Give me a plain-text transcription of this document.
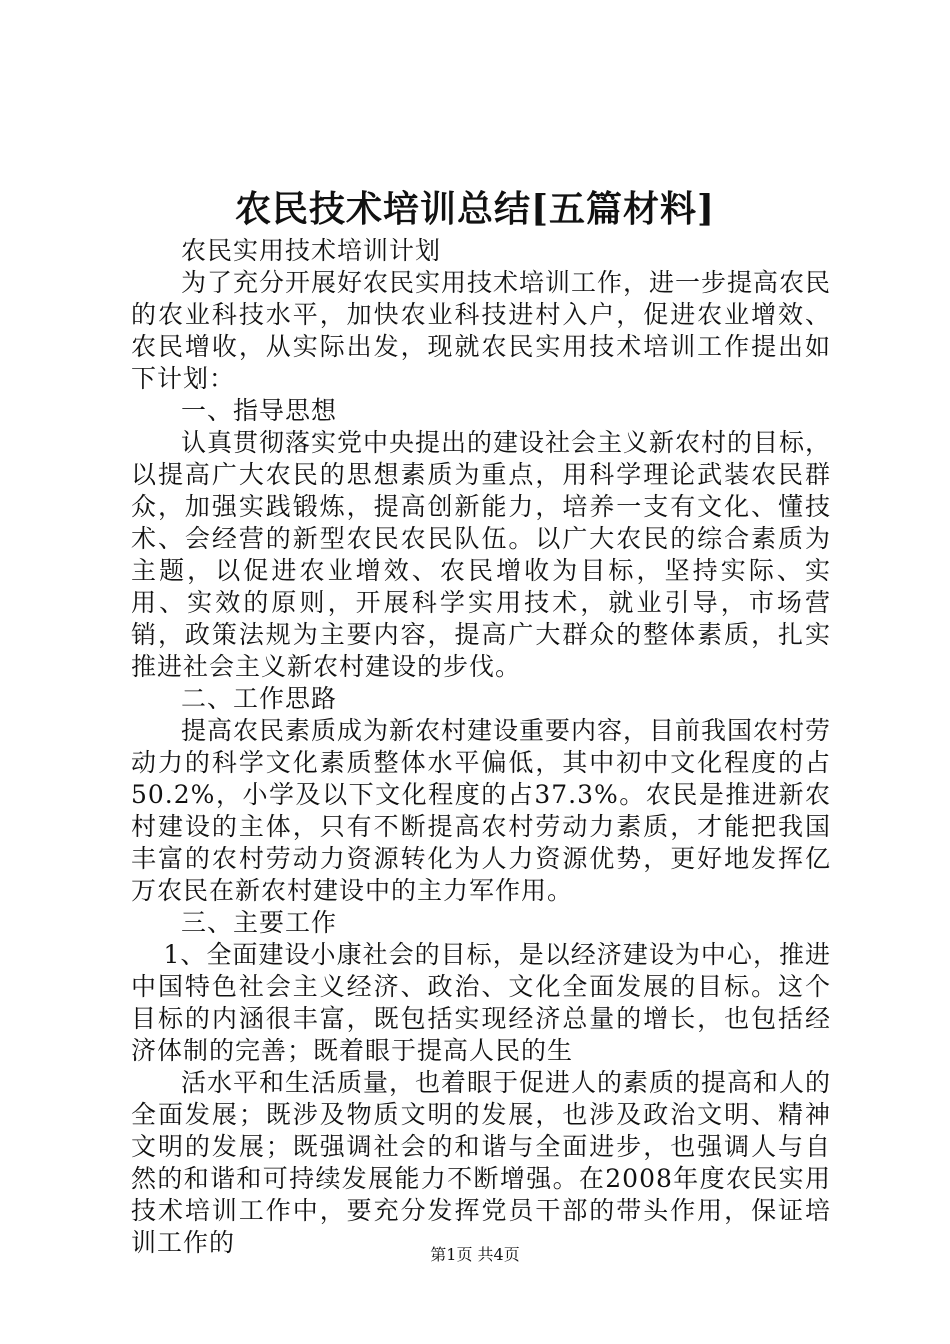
农民技术培训总结[五篇材料]

农民实用技术培训计划

为了充分开展好农民实用技术培训工作，进一步提高农民的农业科技水平，加快农业科技进村入户，促进农业增效、农民增收，从实际出发，现就农民实用技术培训工作提出如下计划：

一、指导思想

认真贯彻落实党中央提出的建设社会主义新农村的目标，以提高广大农民的思想素质为重点，用科学理论武装农民群众，加强实践锻炼，提高创新能力，培养一支有文化、懂技术、会经营的新型农民农民队伍。以广大农民的综合素质为主题，以促进农业增效、农民增收为目标，坚持实际、实用、实效的原则，开展科学实用技术，就业引导，市场营销，政策法规为主要内容，提高广大群众的整体素质，扎实推进社会主义新农村建设的步伐。

二、工作思路

提高农民素质成为新农村建设重要内容，目前我国农村劳动力的科学文化素质整体水平偏低，其中初中文化程度的占50.2%，小学及以下文化程度的占37.3%。农民是推进新农村建设的主体，只有不断提高农村劳动力素质，才能把我国丰富的农村劳动力资源转化为人力资源优势，更好地发挥亿万农民在新农村建设中的主力军作用。

三、主要工作

1、全面建设小康社会的目标，是以经济建设为中心，推进中国特色社会主义经济、政治、文化全面发展的目标。这个目标的内涵很丰富，既包括实现经济总量的增长，也包括经济体制的完善；既着眼于提高人民的生

活水平和生活质量，也着眼于促进人的素质的提高和人的全面发展；既涉及物质文明的发展，也涉及政治文明、精神文明的发展；既强调社会的和谐与全面进步，也强调人与自然的和谐和可持续发展能力不断增强。在2008年度农民实用技术培训工作中，要充分发挥党员干部的带头作用，保证培训工作的	第1页 共4页
